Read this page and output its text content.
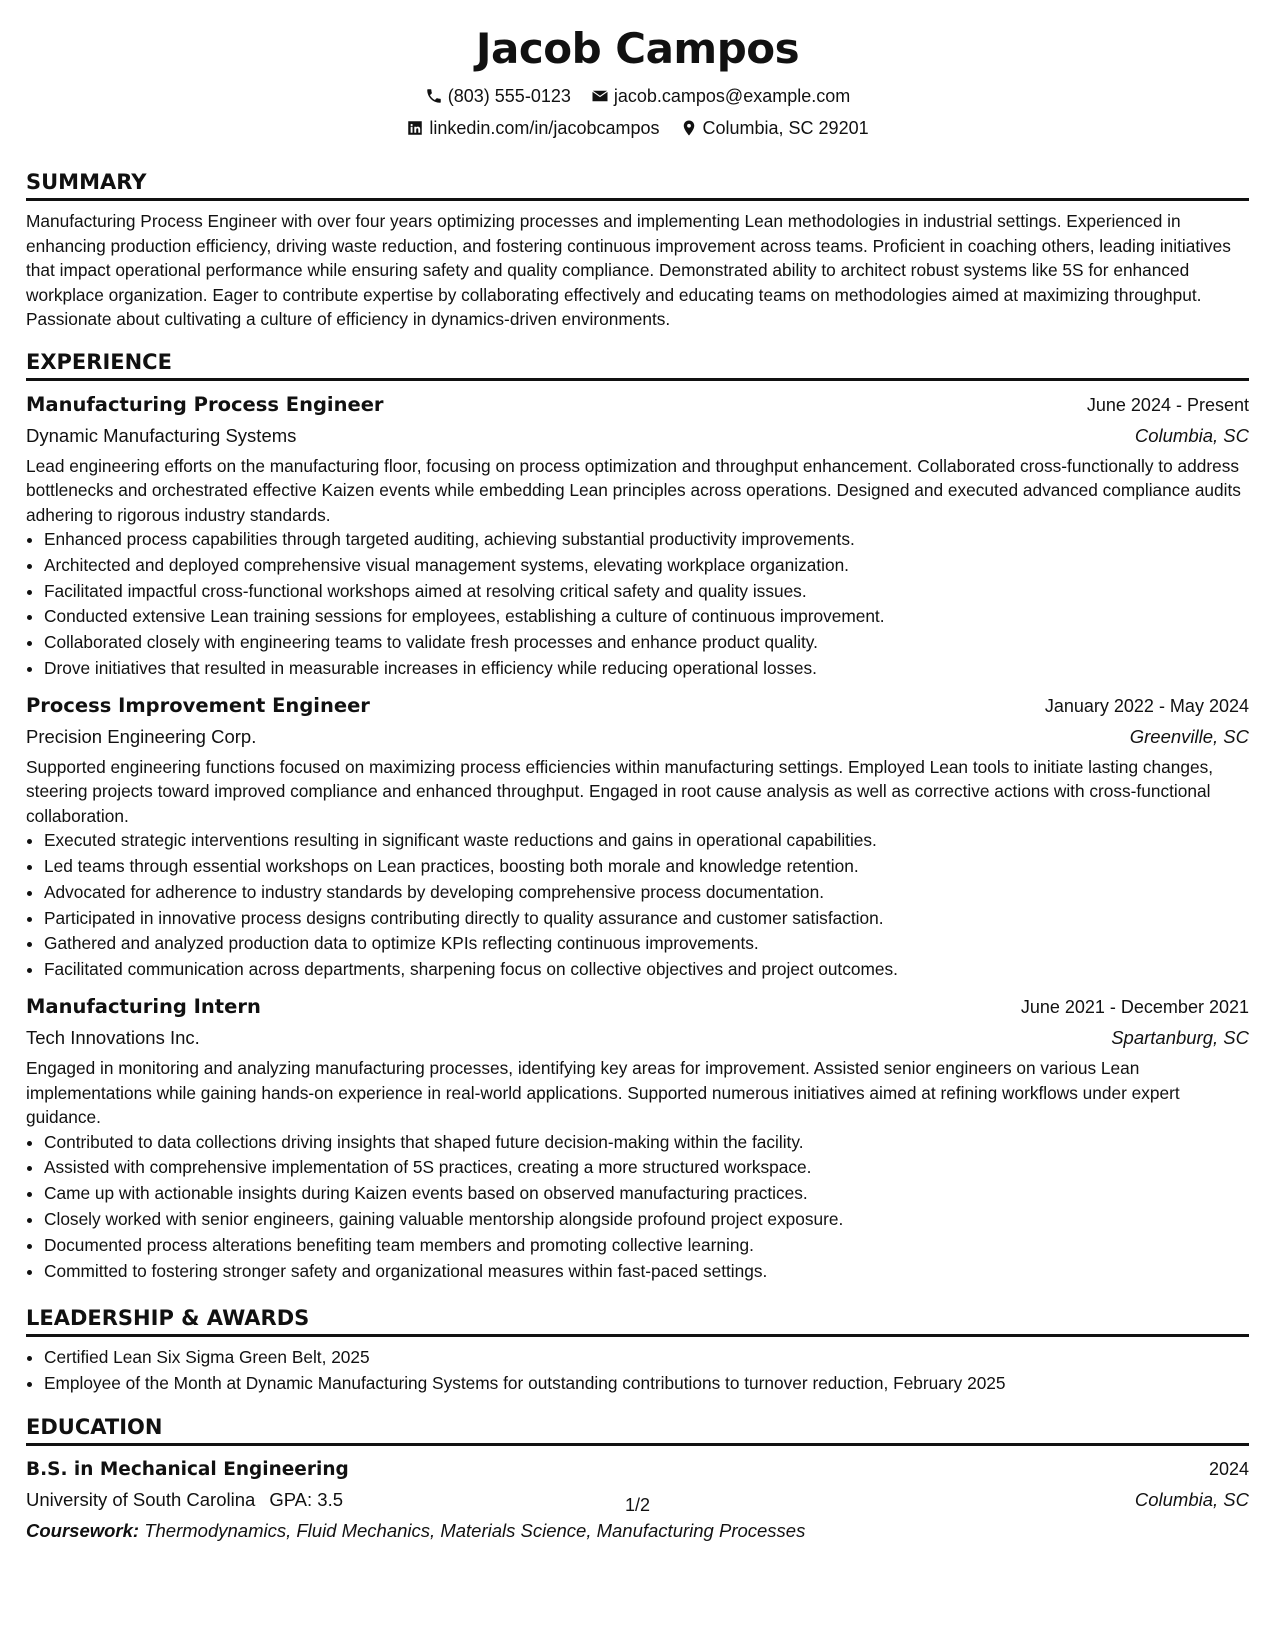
Jacob Campos
(803) 555-0123 jacob.campos@example.com
linkedin.com/in/jacobcampos Columbia, SC 29201
SUMMARY

Manufacturing Process Engineer with over four years optimizing processes and implementing Lean methodologies in industrial settings. Experienced in enhancing production efficiency, driving waste reduction, and fostering continuous improvement across teams. Proficient in coaching others, leading initiatives that impact operational performance while ensuring safety and quality compliance. Demonstrated ability to architect robust systems like 5S for enhanced workplace organization. Eager to contribute expertise by collaborating effectively and educating teams on methodologies aimed at maximizing throughput. Passionate about cultivating a culture of efficiency in dynamics-driven environments.

EXPERIENCE
Manufacturing Process Engineer	June 2024 - Present
Dynamic Manufacturing Systems	Columbia, SC

Lead engineering efforts on the manufacturing floor, focusing on process optimization and throughput enhancement. Collaborated cross-functionally to address bottlenecks and orchestrated effective Kaizen events while embedding Lean principles across operations. Designed and executed advanced compliance audits adhering to rigorous industry standards.

• Enhanced process capabilities through targeted auditing, achieving substantial productivity improvements.
• Architected and deployed comprehensive visual management systems, elevating workplace organization.
• Facilitated impactful cross-functional workshops aimed at resolving critical safety and quality issues.
• Conducted extensive Lean training sessions for employees, establishing a culture of continuous improvement.
• Collaborated closely with engineering teams to validate fresh processes and enhance product quality.
• Drove initiatives that resulted in measurable increases in efficiency while reducing operational losses.
Process Improvement Engineer	January 2022 - May 2024
Precision Engineering Corp.	Greenville, SC

Supported engineering functions focused on maximizing process efficiencies within manufacturing settings. Employed Lean tools to initiate lasting changes, steering projects toward improved compliance and enhanced throughput. Engaged in root cause analysis as well as corrective actions with cross-functional collaboration.

• Executed strategic interventions resulting in significant waste reductions and gains in operational capabilities.
• Led teams through essential workshops on Lean practices, boosting both morale and knowledge retention.
• Advocated for adherence to industry standards by developing comprehensive process documentation.
• Participated in innovative process designs contributing directly to quality assurance and customer satisfaction.
• Gathered and analyzed production data to optimize KPIs reflecting continuous improvements.
• Facilitated communication across departments, sharpening focus on collective objectives and project outcomes.
Manufacturing Intern	June 2021 - December 2021
Tech Innovations Inc.	Spartanburg, SC

Engaged in monitoring and analyzing manufacturing processes, identifying key areas for improvement. Assisted senior engineers on various Lean implementations while gaining hands-on experience in real-world applications. Supported numerous initiatives aimed at refining workflows under expert guidance.

• Contributed to data collections driving insights that shaped future decision-making within the facility.
• Assisted with comprehensive implementation of 5S practices, creating a more structured workspace.
• Came up with actionable insights during Kaizen events based on observed manufacturing practices.
• Closely worked with senior engineers, gaining valuable mentorship alongside profound project exposure.
• Documented process alterations benefiting team members and promoting collective learning.
• Committed to fostering stronger safety and organizational measures within fast-paced settings.
LEADERSHIP & AWARDS
• Certified Lean Six Sigma Green Belt, 2025
• Employee of the Month at Dynamic Manufacturing Systems for outstanding contributions to turnover reduction, February 2025
EDUCATION
B.S. in Mechanical Engineering	2024
University of South Carolina GPA: 3.5	Columbia, SC
Coursework: Thermodynamics, Fluid Mechanics, Materials Science, Manufacturing Processes
1/2
